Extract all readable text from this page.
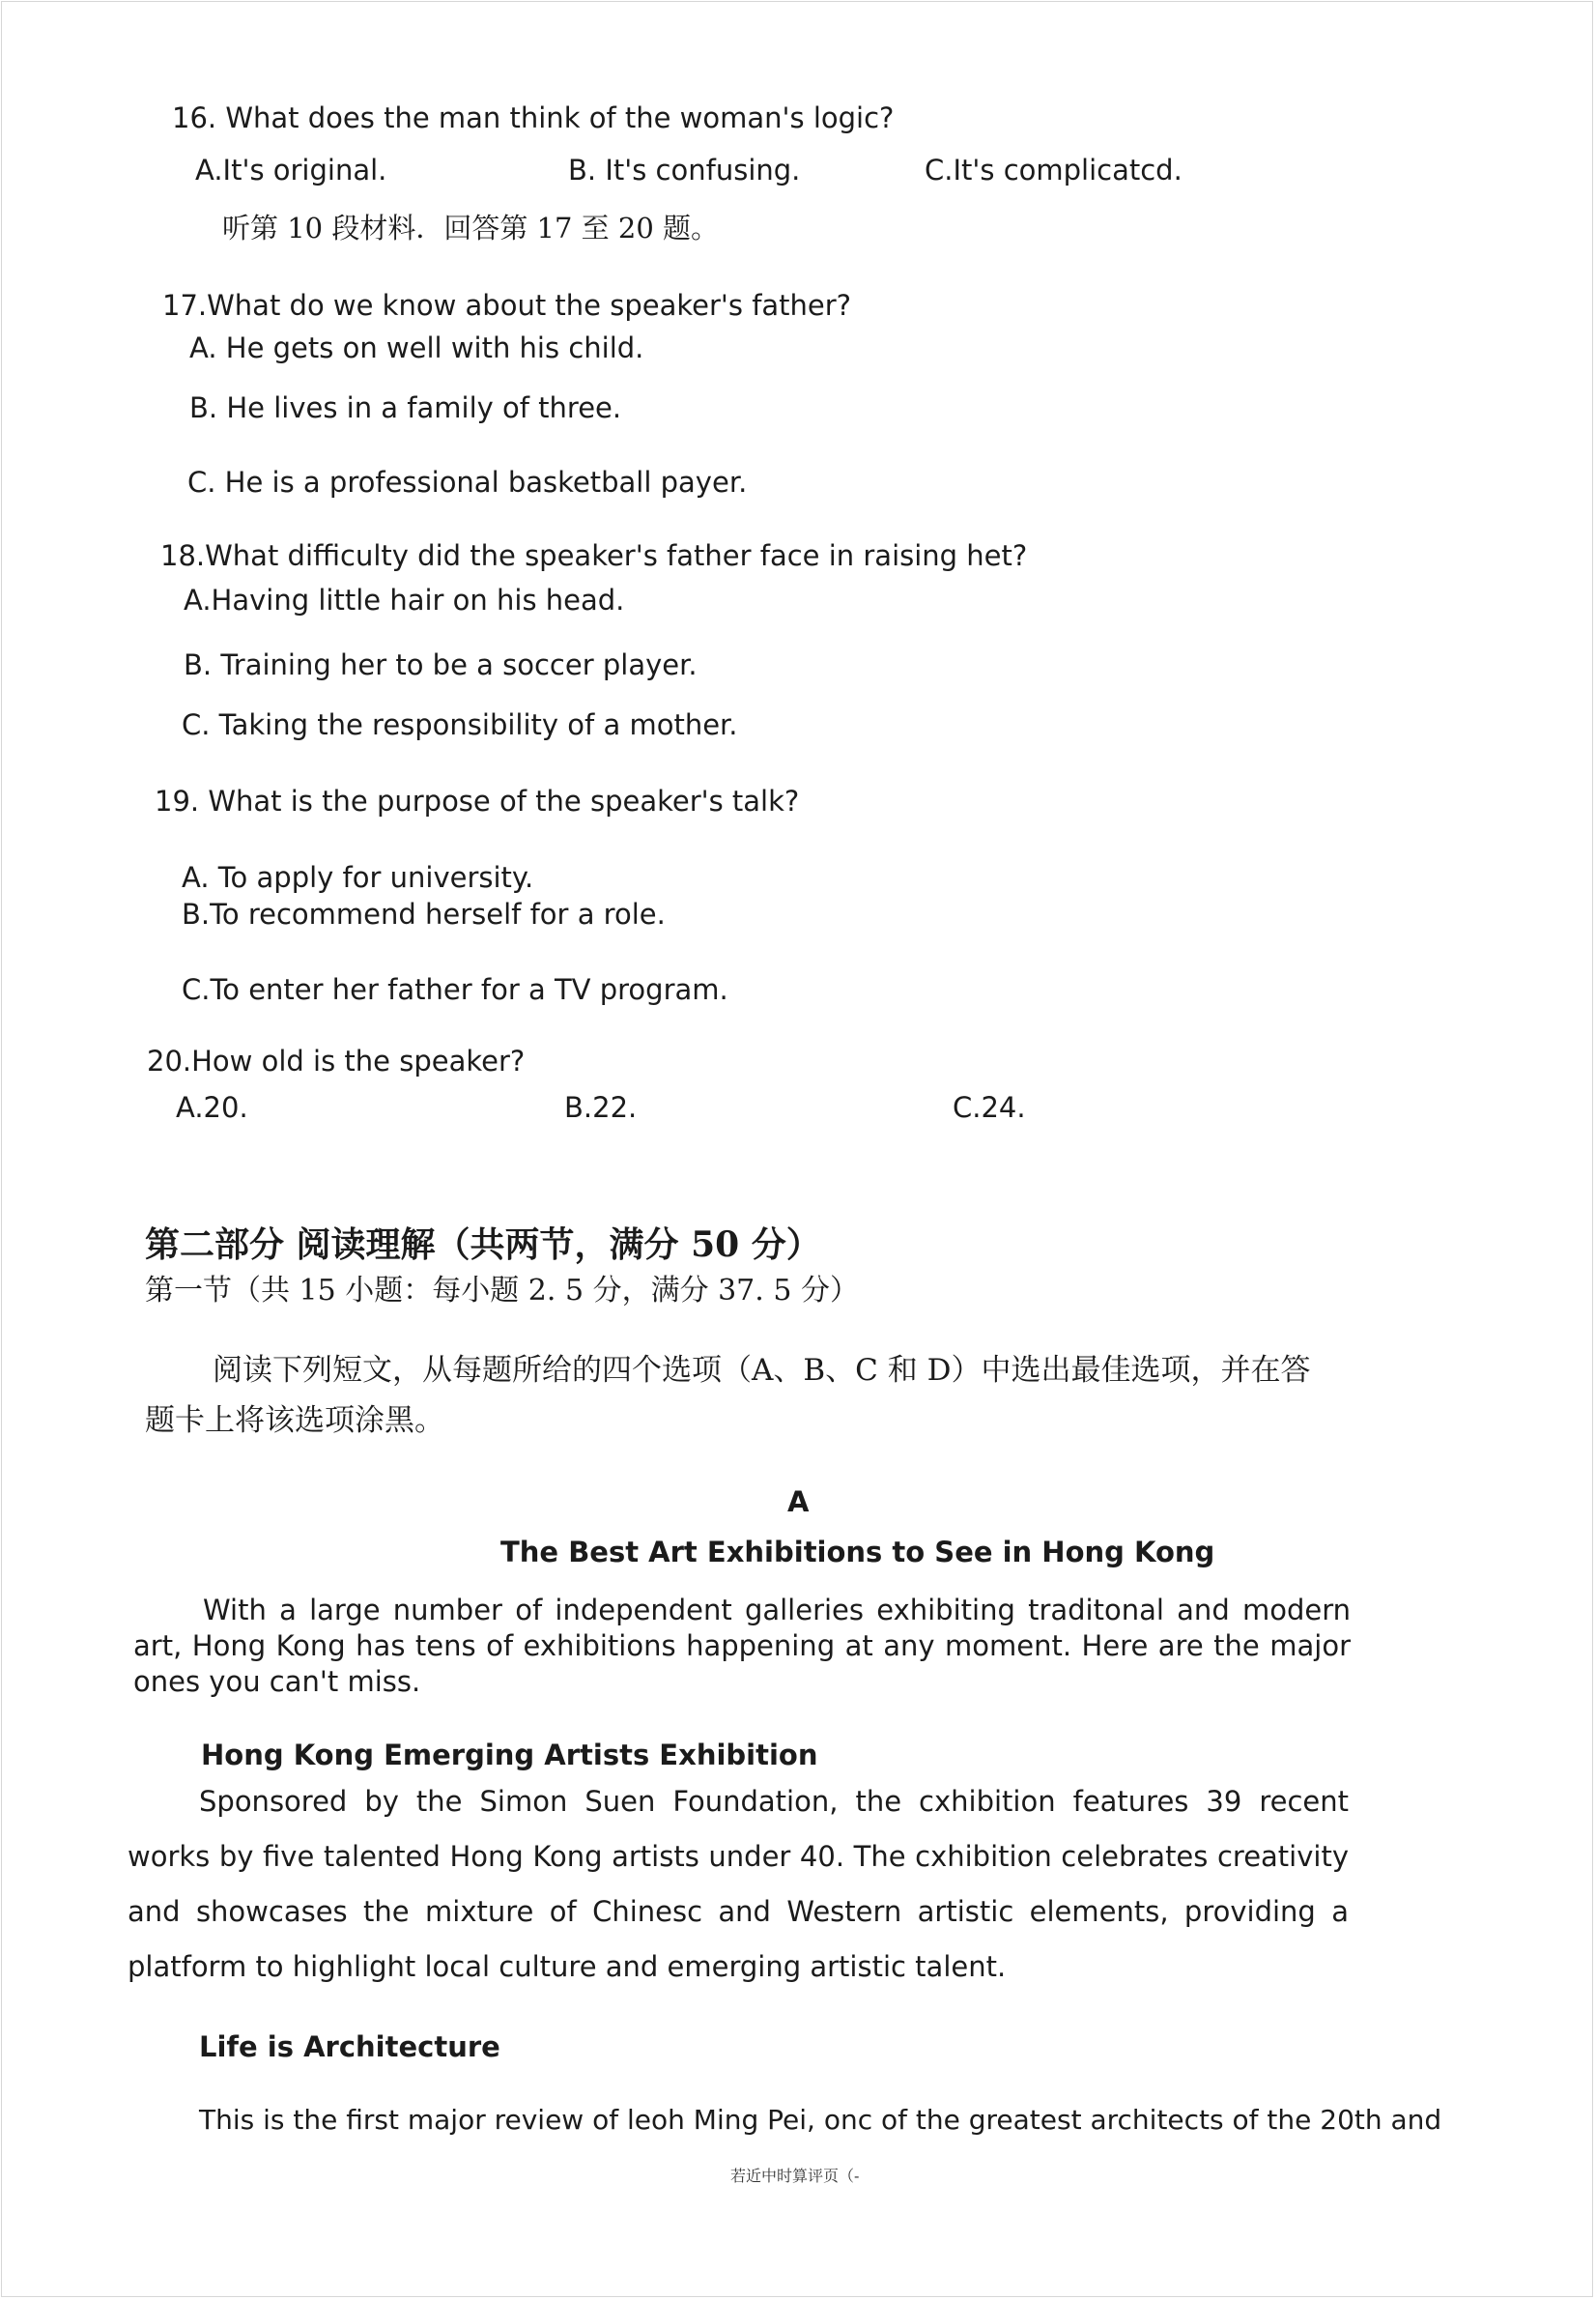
16. What does the man think of the woman's logic?
A.It's original.	B. It's confusing.	C.It's complicatcd.
听第 10 段材料．回答第 17 至 20 题。
17.What do we know about the speaker's father?
A. He gets on well with his child.
B. He lives in a family of three.
C. He is a professional basketball payer.
18.What difficulty did the speaker's father face in raising het?
A.Having little hair on his head.
B. Training her to be a soccer player.
C. Taking the responsibility of a mother.
19. What is the purpose of the speaker's talk?
A. To apply for university.
B.To recommend herself for a role.
C.To enter her father for a TV program.
20.How old is the speaker?
A.20.	B.22.	C.24.
第二部分 阅读理解（共两节，满分 50 分）
第一节（共 15 小题：每小题 2. 5 分，满分 37. 5 分）
阅读下列短文，从每题所给的四个选项（A、B、C 和 D）中选出最佳选项，并在答
题卡上将该选项涂黑。
A
The Best Art Exhibitions to See in Hong Kong
With a large number of independent galleries exhibiting traditonal and modern art, Hong Kong has tens of exhibitions happening at any moment. Here are the major ones you can't miss.
Hong Kong Emerging Artists Exhibition
Sponsored by the Simon Suen Foundation, the cxhibition features 39 recent works by five talented Hong Kong artists under 40. The cxhibition celebrates creativity and showcases the mixture of Chinesc and Western artistic elements, providing a platform to highlight local culture and emerging artistic talent.
Life is Architecture
This is the first major review of leoh Ming Pei, onc of the greatest architects of the 20th and
若近中时算评页（-
